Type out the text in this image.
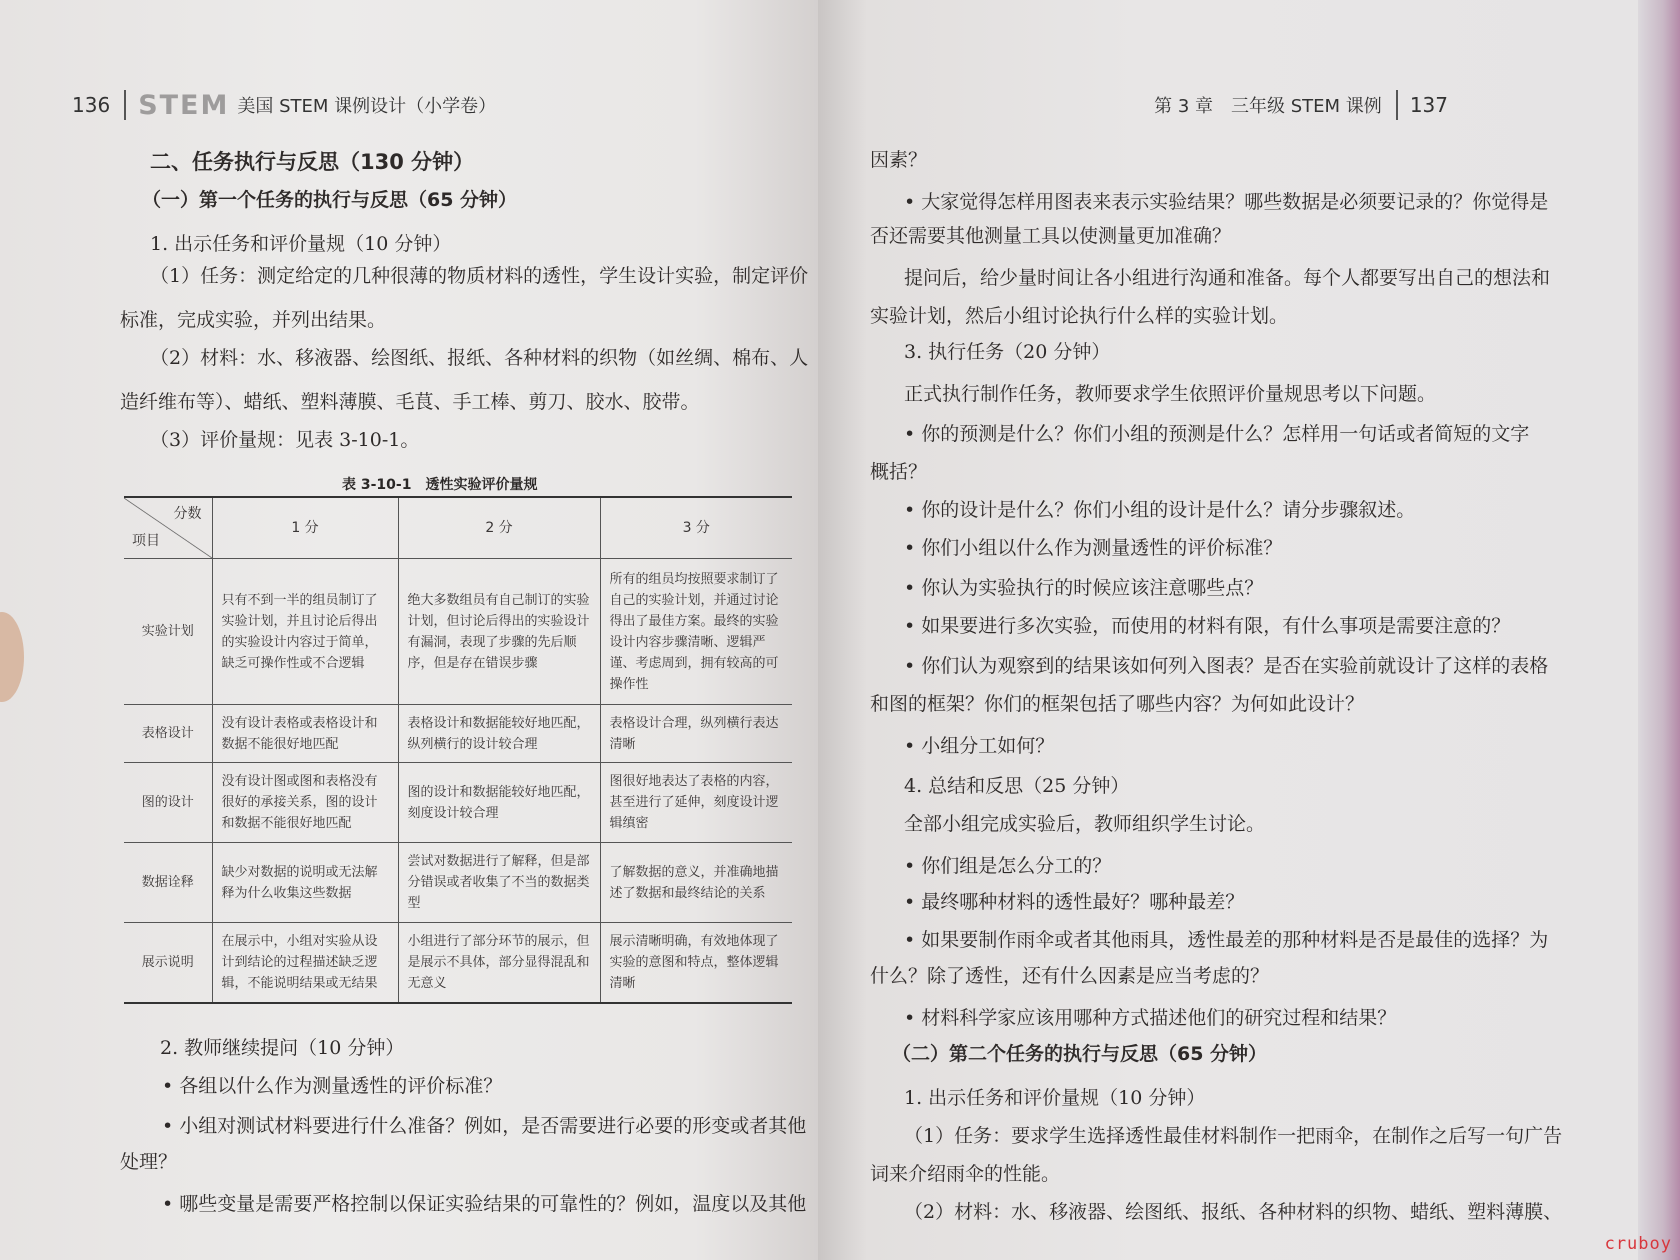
136 STEM 美国 STEM 课例设计（小学卷）
二、任务执行与反思（130 分钟）
（一）第一个任务的执行与反思（65 分钟）
1. 出示任务和评价量规（10 分钟）
（1）任务：测定给定的几种很薄的物质材料的透性，学生设计实验，制定评价
标准，完成实验，并列出结果。
（2）材料：水、移液器、绘图纸、报纸、各种材料的织物（如丝绸、棉布、人
造纤维布等）、蜡纸、塑料薄膜、毛茛、手工棒、剪刀、胶水、胶带。
（3）评价量规：见表 3-10-1。
表 3-10-1　透性实验评价量规
分数
项目	1 分	2 分	3 分
实验计划	只有不到一半的组员制订了实验计划，并且讨论后得出的实验设计内容过于简单，缺乏可操作性或不合逻辑	绝大多数组员有自己制订的实验计划，但讨论后得出的实验设计有漏洞，表现了步骤的先后顺序，但是存在错误步骤	所有的组员均按照要求制订了自己的实验计划，并通过讨论得出了最佳方案。最终的实验设计内容步骤清晰、逻辑严谨、考虑周到，拥有较高的可操作性
表格设计	没有设计表格或表格设计和数据不能很好地匹配	表格设计和数据能较好地匹配，纵列横行的设计较合理	表格设计合理，纵列横行表达清晰
图的设计	没有设计图或图和表格没有很好的承接关系，图的设计和数据不能很好地匹配	图的设计和数据能较好地匹配，刻度设计较合理	图很好地表达了表格的内容，甚至进行了延伸，刻度设计逻辑缜密
数据诠释	缺少对数据的说明或无法解释为什么收集这些数据	尝试对数据进行了解释，但是部分错误或者收集了不当的数据类型	了解数据的意义，并准确地描述了数据和最终结论的关系
展示说明	在展示中，小组对实验从设计到结论的过程描述缺乏逻辑，不能说明结果或无结果	小组进行了部分环节的展示，但是展示不具体，部分显得混乱和无意义	展示清晰明确，有效地体现了实验的意图和特点，整体逻辑清晰
2. 教师继续提问（10 分钟）
• 各组以什么作为测量透性的评价标准？
• 小组对测试材料要进行什么准备？例如，是否需要进行必要的形变或者其他
处理？
• 哪些变量是需要严格控制以保证实验结果的可靠性的？例如，温度以及其他
第 3 章　三年级 STEM 课例 137
因素？
• 大家觉得怎样用图表来表示实验结果？哪些数据是必须要记录的？你觉得是
否还需要其他测量工具以使测量更加准确？
提问后，给少量时间让各小组进行沟通和准备。每个人都要写出自己的想法和
实验计划，然后小组讨论执行什么样的实验计划。
3. 执行任务（20 分钟）
正式执行制作任务，教师要求学生依照评价量规思考以下问题。
• 你的预测是什么？你们小组的预测是什么？怎样用一句话或者简短的文字
概括？
• 你的设计是什么？你们小组的设计是什么？请分步骤叙述。
• 你们小组以什么作为测量透性的评价标准？
• 你认为实验执行的时候应该注意哪些点？
• 如果要进行多次实验，而使用的材料有限，有什么事项是需要注意的？
• 你们认为观察到的结果该如何列入图表？是否在实验前就设计了这样的表格
和图的框架？你们的框架包括了哪些内容？为何如此设计？
• 小组分工如何？
4. 总结和反思（25 分钟）
全部小组完成实验后，教师组织学生讨论。
• 你们组是怎么分工的？
• 最终哪种材料的透性最好？哪种最差？
• 如果要制作雨伞或者其他雨具，透性最差的那种材料是否是最佳的选择？为
什么？除了透性，还有什么因素是应当考虑的？
• 材料科学家应该用哪种方式描述他们的研究过程和结果？
（二）第二个任务的执行与反思（65 分钟）
1. 出示任务和评价量规（10 分钟）
（1）任务：要求学生选择透性最佳材料制作一把雨伞，在制作之后写一句广告
词来介绍雨伞的性能。
（2）材料：水、移液器、绘图纸、报纸、各种材料的织物、蜡纸、塑料薄膜、
cruboy
